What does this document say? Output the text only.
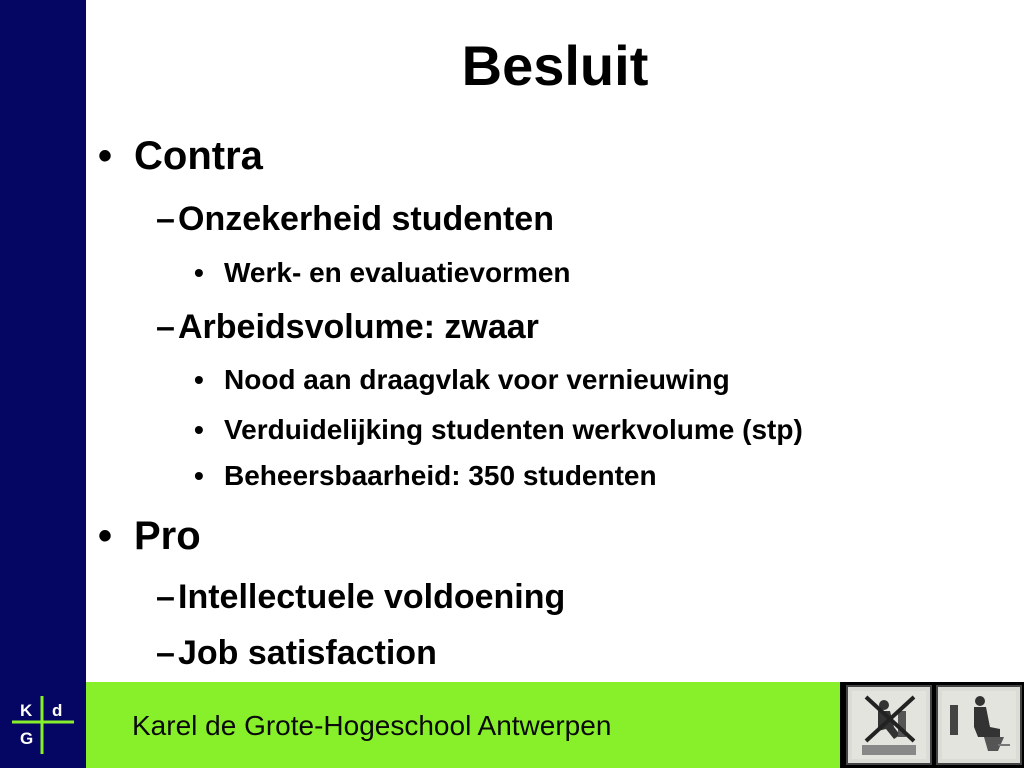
Besluit
• Contra
–Onzekerheid studenten
• Werk- en evaluatievormen
–Arbeidsvolume: zwaar
• Nood aan draagvlak voor vernieuwing
• Verduidelijking studenten werkvolume (stp)
• Beheersbaarheid: 350 studenten
• Pro
–Intellectuele voldoening
–Job satisfaction
K d
G	Karel de Grote-Hogeschool Antwerpen
